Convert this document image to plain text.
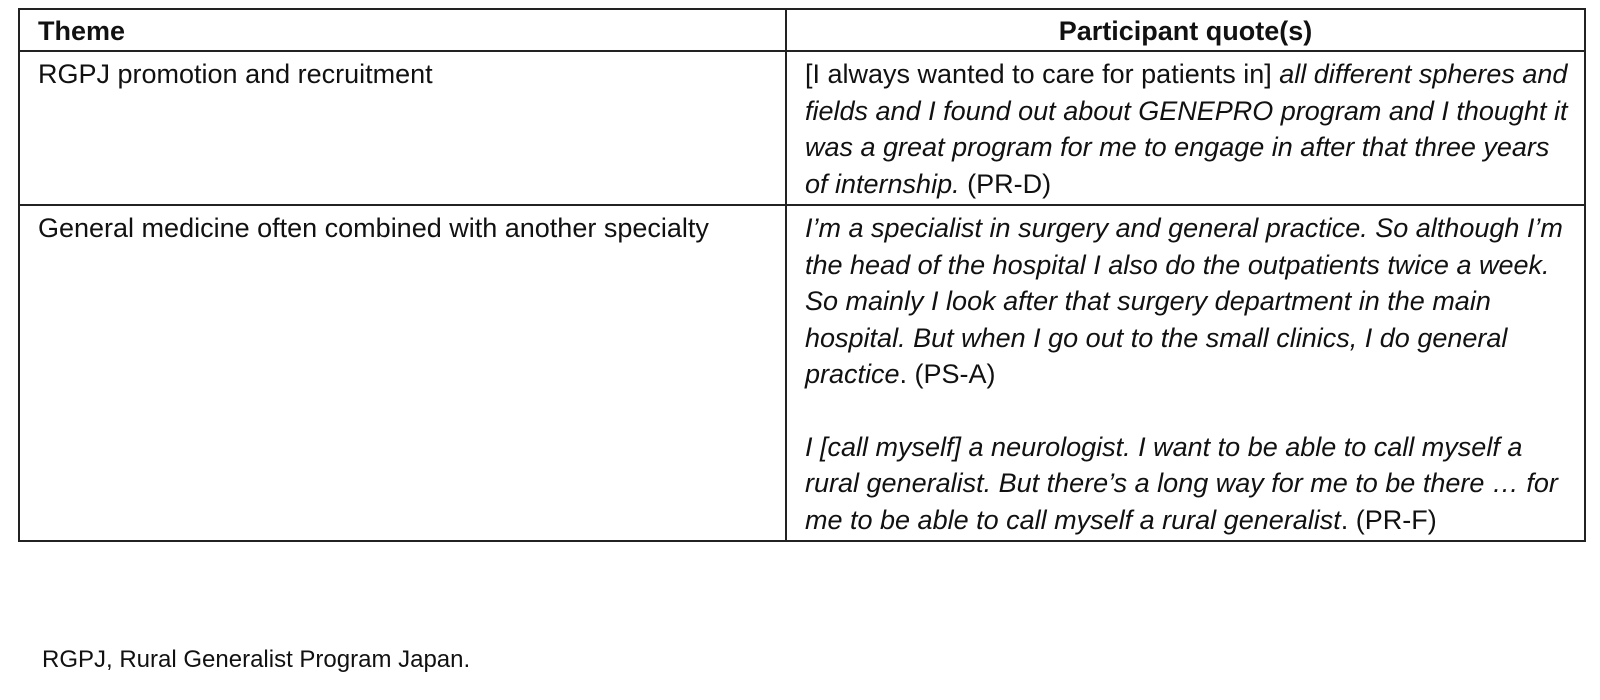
Theme	Participant quote(s)
RGPJ promotion and recruitment	[I always wanted to care for patients in] all different spheres and fields and I found out about GENEPRO program and I thought it was a great program for me to engage in after that three years of internship. (PR-D)

General medicine often combined with another specialty	I’m a specialist in surgery and general practice. So although I’m the head of the hospital I also do the outpatients twice a week. So mainly I look after that surgery department in the main hospital. But when I go out to the small clinics, I do general practice. (PS-A)
I [call myself] a neurologist. I want to be able to call myself a rural generalist. But there’s a long way for me to be there … for me to be able to call myself a rural generalist. (PR-F)
RGPJ, Rural Generalist Program Japan.
